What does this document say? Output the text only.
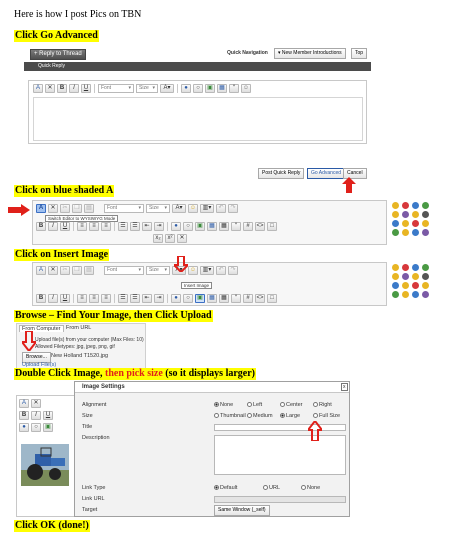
Here is how I post Pics on TBN
Click Go Advanced
+ Reply to Thread	Quick Navigation	▾ New Member Introductions	Top
Quick Reply
A	✕	B	I	U	Font	▾ Size ▾	A▾	●	○	▣	▦	“	☺
Post Quick Reply	Go Advanced	Cancel
Click on blue shaded A
A	✕	✂	❐	▤	Font	▾ Size ▾	A▾	☺	▥▾	↶	↷
Switch Editor to WYSIWYG Mode
B	I	U	≡	≡	≡	☰	☰	⇤	⇥	●	○	▣	▦	▦	“	#	<>	□
x₂	x²	✕
Click on Insert Image
A	✕	✂	❐	▤	Font	▾ Size ▾	A▾	☺	▥▾	↶	↷
B	I	U	≡	≡	≡	☰	☰	⇤	⇥	●	○	▣	▦	▦	“	#	<>	□
Insert Image
Browse – Find Your Image, then Click Upload
From Computer From URL
Upload file(s) from your computer (Max Files: 10)
Allowed Filetypes: jpg, jpeg, png, gif
Browse... New Holland T1520.jpg
Upload File(s)
Double Click Image, then pick size (so it displays larger)
A	✕
B	I	U
●	○	▣
Image Settings	x
Alignment	None	Left	Center	Right
Size	Thumbnail	Medium	Large	Full Size
Title
Description
Link Type	Default	URL	None
Link URL
Target	Same Window (_self)
Click OK (done!)
